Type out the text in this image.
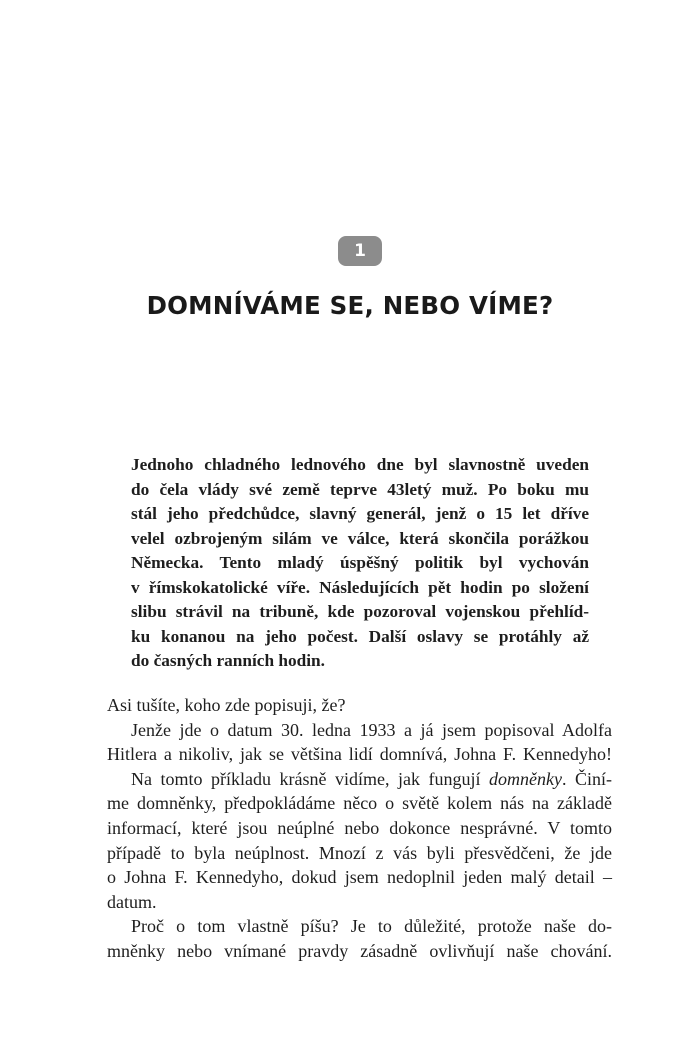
1
DOMNÍVÁME SE, NEBO VÍME?
Jednoho chladného lednového dne byl slavnostně uveden
do čela vlády své země teprve 43letý muž. Po boku mu
stál jeho předchůdce, slavný generál, jenž o 15 let dříve
velel ozbrojeným silám ve válce, která skončila porážkou
Německa. Tento mladý úspěšný politik byl vychován
v římskokatolické víře. Následujících pět hodin po složení
slibu strávil na tribuně, kde pozoroval vojenskou přehlíd-
ku konanou na jeho počest. Další oslavy se protáhly až
do časných ranních hodin.
Asi tušíte, koho zde popisuji, že?
Jenže jde o datum 30. ledna 1933 a já jsem popisoval Adolfa
Hitlera a nikoliv, jak se většina lidí domnívá, Johna F. Kennedyho!
Na tomto příkladu krásně vidíme, jak fungují domněnky. Činí-
me domněnky, předpokládáme něco o světě kolem nás na základě
informací, které jsou neúplné nebo dokonce nesprávné. V tomto
případě to byla neúplnost. Mnozí z vás byli přesvědčeni, že jde
o Johna F. Kennedyho, dokud jsem nedoplnil jeden malý detail –
datum.
Proč o tom vlastně píšu? Je to důležité, protože naše do-
mněnky nebo vnímané pravdy zásadně ovlivňují naše chování.
